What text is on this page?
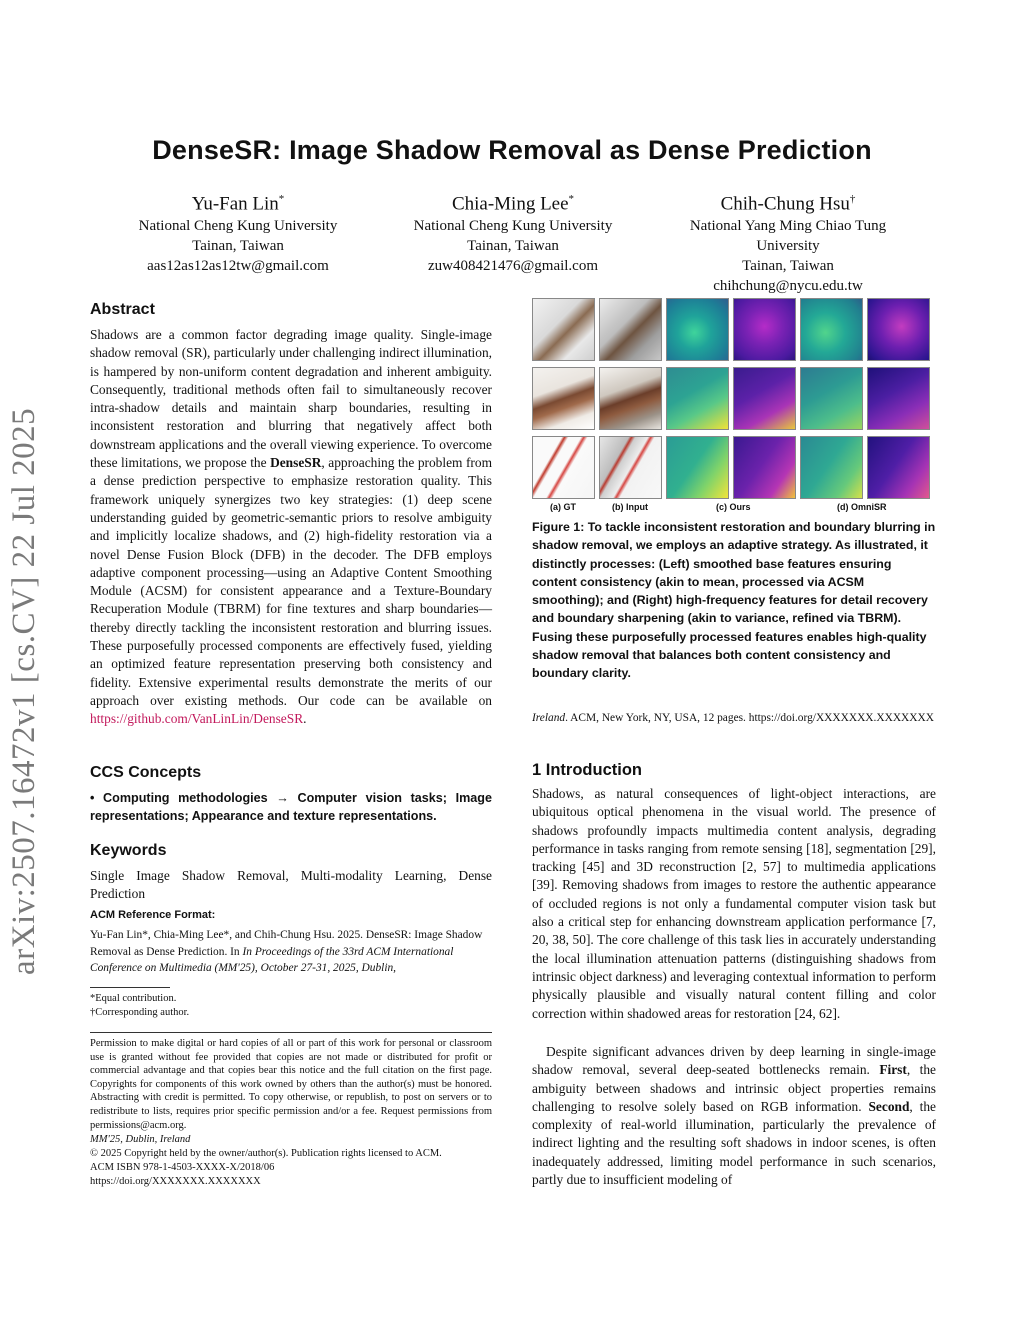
arXiv:2507.16472v1 [cs.CV] 22 Jul 2025
DenseSR: Image Shadow Removal as Dense Prediction
Yu-Fan Lin*
National Cheng Kung University
Tainan, Taiwan
aas12as12as12tw@gmail.com
Chia-Ming Lee*
National Cheng Kung University
Tainan, Taiwan
zuw408421476@gmail.com
Chih-Chung Hsu†
National Yang Ming Chiao Tung
University
Tainan, Taiwan
chihchung@nycu.edu.tw
Abstract
Shadows are a common factor degrading image quality. Single-image shadow removal (SR), particularly under challenging indirect illumination, is hampered by non-uniform content degradation and inherent ambiguity. Consequently, traditional methods often fail to simultaneously recover intra-shadow details and maintain sharp boundaries, resulting in inconsistent restoration and blurring that negatively affect both downstream applications and the overall viewing experience. To overcome these limitations, we propose the DenseSR, approaching the problem from a dense prediction perspective to emphasize restoration quality. This framework uniquely synergizes two key strategies: (1) deep scene understanding guided by geometric-semantic priors to resolve ambiguity and implicitly localize shadows, and (2) high-fidelity restoration via a novel Dense Fusion Block (DFB) in the decoder. The DFB employs adaptive component processing—using an Adaptive Content Smoothing Module (ACSM) for consistent appearance and a Texture-Boundary Recuperation Module (TBRM) for fine textures and sharp boundaries—thereby directly tackling the inconsistent restoration and blurring issues. These purposefully processed components are effectively fused, yielding an optimized feature representation preserving both consistency and fidelity. Extensive experimental results demonstrate the merits of our approach over existing methods. Our code can be available on https://github.com/VanLinLin/DenseSR.
CCS Concepts
• Computing methodologies → Computer vision tasks; Image representations; Appearance and texture representations.
Keywords
Single Image Shadow Removal, Multi-modality Learning, Dense Prediction
ACM Reference Format:
Yu-Fan Lin*, Chia-Ming Lee*, and Chih-Chung Hsu. 2025. DenseSR: Image Shadow Removal as Dense Prediction. In In Proceedings of the 33rd ACM International Conference on Multimedia (MM'25), October 27-31, 2025, Dublin,
*Equal contribution.
†Corresponding author.
Permission to make digital or hard copies of all or part of this work for personal or classroom use is granted without fee provided that copies are not made or distributed for profit or commercial advantage and that copies bear this notice and the full citation on the first page. Copyrights for components of this work owned by others than the author(s) must be honored. Abstracting with credit is permitted. To copy otherwise, or republish, to post on servers or to redistribute to lists, requires prior specific permission and/or a fee. Request permissions from permissions@acm.org.
MM'25, Dublin, Ireland
© 2025 Copyright held by the owner/author(s). Publication rights licensed to ACM.
ACM ISBN 978-1-4503-XXXX-X/2018/06
https://doi.org/XXXXXXX.XXXXXXX
(a) GT	(b) Input	(c) Ours	(d) OmniSR
Figure 1: To tackle inconsistent restoration and boundary blurring in shadow removal, we employs an adaptive strategy. As illustrated, it distinctly processes: (Left) smoothed base features ensuring content consistency (akin to mean, processed via ACSM smoothing); and (Right) high-frequency features for detail recovery and boundary sharpening (akin to variance, refined via TBRM). Fusing these purposefully processed features enables high-quality shadow removal that balances both content consistency and boundary clarity.
Ireland. ACM, New York, NY, USA, 12 pages. https://doi.org/XXXXXXX.XXXXXXX
1 Introduction
Shadows, as natural consequences of light-object interactions, are ubiquitous optical phenomena in the visual world. The presence of shadows profoundly impacts multimedia content analysis, degrading performance in tasks ranging from remote sensing [18], segmentation [29], tracking [45] and 3D reconstruction [2, 57] to multimedia applications [39]. Removing shadows from images to restore the authentic appearance of occluded regions is not only a fundamental computer vision task but also a critical step for enhancing downstream application performance [7, 20, 38, 50]. The core challenge of this task lies in accurately understanding the local illumination attenuation patterns (distinguishing shadows from intrinsic object darkness) and leveraging contextual information to perform physically plausible and visually natural content filling and color correction within shadowed areas for restoration [24, 62].
Despite significant advances driven by deep learning in single-image shadow removal, several deep-seated bottlenecks remain. First, the ambiguity between shadows and intrinsic object properties remains challenging to resolve solely based on RGB information. Second, the complexity of real-world illumination, particularly the prevalence of indirect lighting and the resulting soft shadows in indoor scenes, is often inadequately addressed, limiting model performance in such scenarios, partly due to insufficient modeling of
